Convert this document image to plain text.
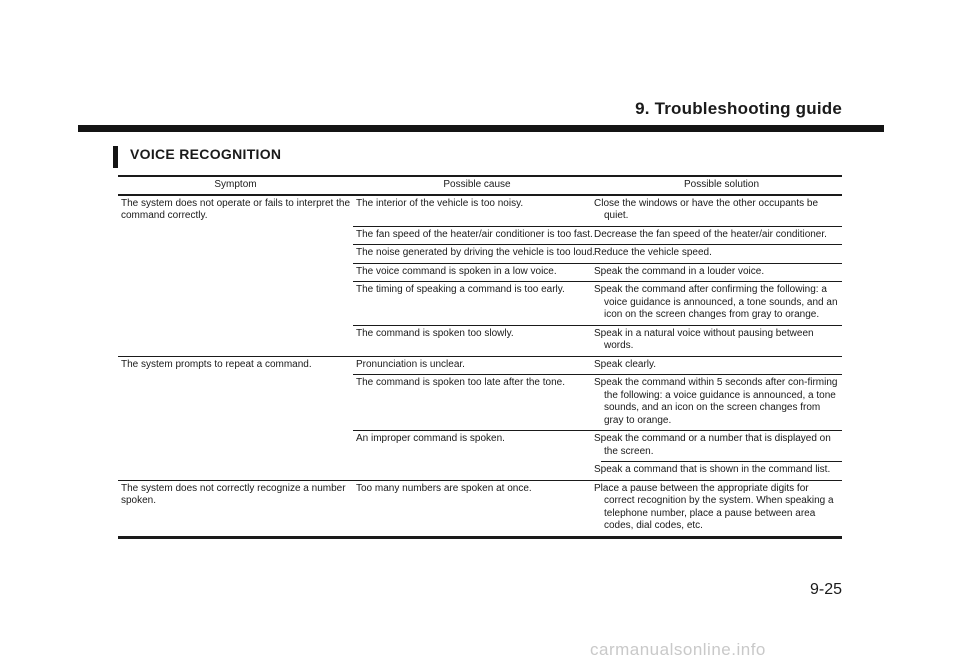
9. Troubleshooting guide
VOICE RECOGNITION
Symptom	Possible cause	Possible solution
The system does not operate or fails to interpret the command correctly.	The interior of the vehicle is too noisy.	Close the windows or have the other occupants be quiet.
	The fan speed of the heater/air conditioner is too fast.	Decrease the fan speed of the heater/air conditioner.
	The noise generated by driving the vehicle is too loud.	Reduce the vehicle speed.
	The voice command is spoken in a low voice.	Speak the command in a louder voice.
	The timing of speaking a command is too early.	Speak the command after confirming the following: a voice guidance is announced, a tone sounds, and an icon on the screen changes from gray to orange.
	The command is spoken too slowly.	Speak in a natural voice without pausing between words.
The system prompts to repeat a command.	Pronunciation is unclear.	Speak clearly.
	The command is spoken too late after the tone.	Speak the command within 5 seconds after con-firming the following: a voice guidance is announced, a tone sounds, and an icon on the screen changes from gray to orange.
	An improper command is spoken.	Speak the command or a number that is displayed on the screen.
		Speak a command that is shown in the command list.
The system does not correctly recognize a number spoken.	Too many numbers are spoken at once.	Place a pause between the appropriate digits for correct recognition by the system. When speaking a telephone number, place a pause between area codes, dial codes, etc.
9-25
carmanualsonline.info
